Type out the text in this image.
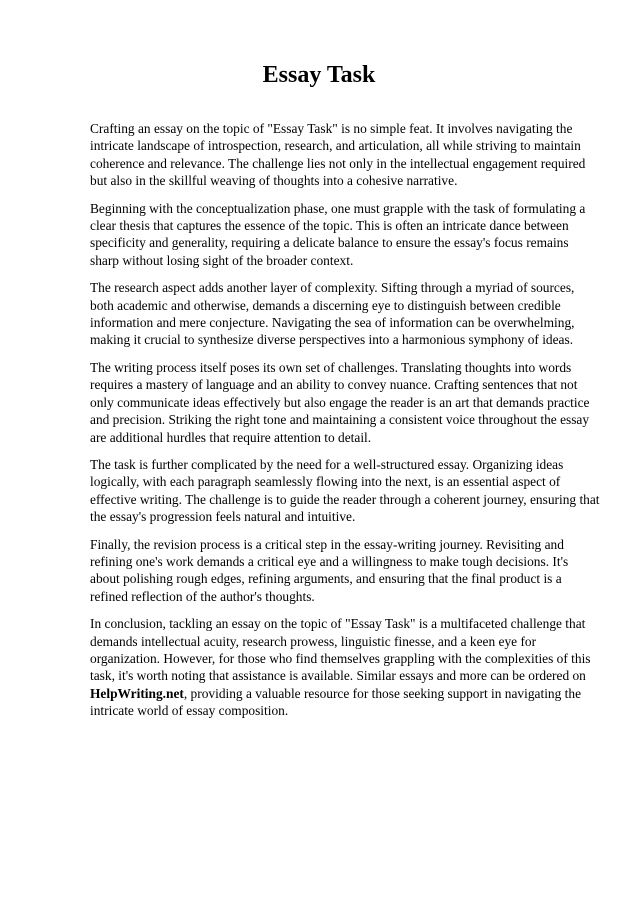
Essay Task

Crafting an essay on the topic of "Essay Task" is no simple feat. It involves navigating the intricate landscape of introspection, research, and articulation, all while striving to maintain coherence and relevance. The challenge lies not only in the intellectual engagement required but also in the skillful weaving of thoughts into a cohesive narrative.

Beginning with the conceptualization phase, one must grapple with the task of formulating a clear thesis that captures the essence of the topic. This is often an intricate dance between specificity and generality, requiring a delicate balance to ensure the essay's focus remains sharp without losing sight of the broader context.

The research aspect adds another layer of complexity. Sifting through a myriad of sources, both academic and otherwise, demands a discerning eye to distinguish between credible information and mere conjecture. Navigating the sea of information can be overwhelming, making it crucial to synthesize diverse perspectives into a harmonious symphony of ideas.

The writing process itself poses its own set of challenges. Translating thoughts into words requires a mastery of language and an ability to convey nuance. Crafting sentences that not only communicate ideas effectively but also engage the reader is an art that demands practice and precision. Striking the right tone and maintaining a consistent voice throughout the essay are additional hurdles that require attention to detail.

The task is further complicated by the need for a well-structured essay. Organizing ideas logically, with each paragraph seamlessly flowing into the next, is an essential aspect of effective writing. The challenge is to guide the reader through a coherent journey, ensuring that the essay's progression feels natural and intuitive.

Finally, the revision process is a critical step in the essay-writing journey. Revisiting and refining one's work demands a critical eye and a willingness to make tough decisions. It's about polishing rough edges, refining arguments, and ensuring that the final product is a refined reflection of the author's thoughts.

In conclusion, tackling an essay on the topic of "Essay Task" is a multifaceted challenge that demands intellectual acuity, research prowess, linguistic finesse, and a keen eye for organization. However, for those who find themselves grappling with the complexities of this task, it's worth noting that assistance is available. Similar essays and more can be ordered on HelpWriting.net, providing a valuable resource for those seeking support in navigating the intricate world of essay composition.
